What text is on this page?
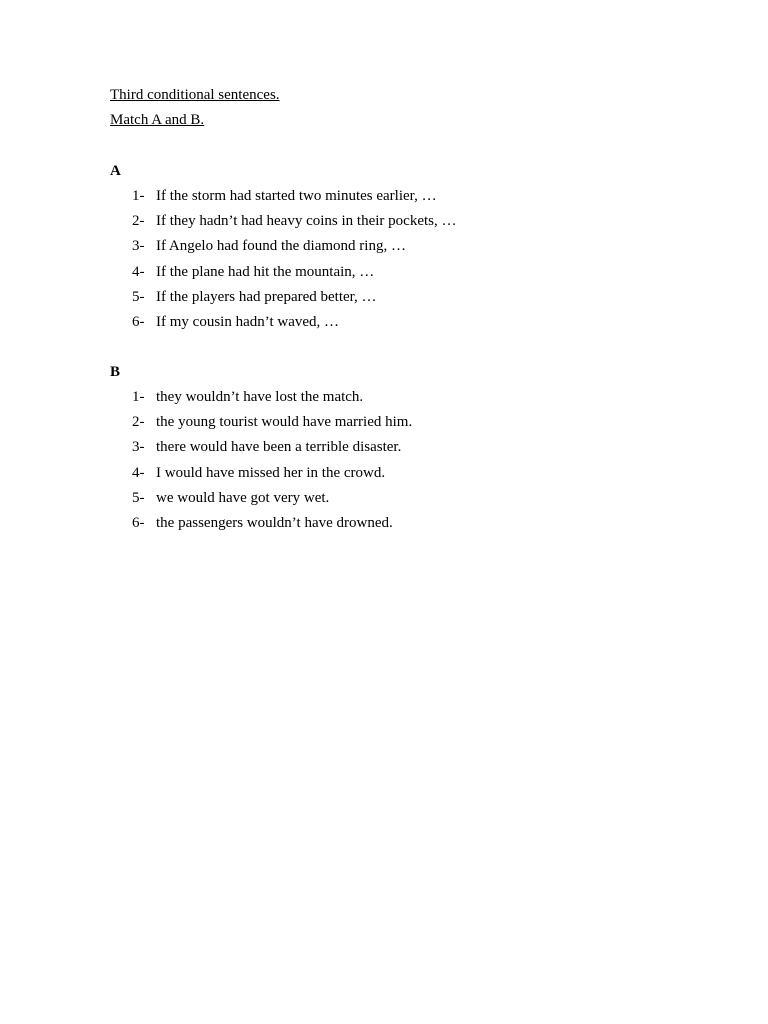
Third conditional sentences.
Match A and B.
A
1- If the storm had started two minutes earlier, …
2- If they hadn’t had heavy coins in their pockets, …
3- If Angelo had found the diamond ring, …
4- If the plane had hit the mountain, …
5- If the players had prepared better, …
6- If my cousin hadn’t waved, …
B
1- they wouldn’t have lost the match.
2- the young tourist would have married him.
3- there would have been a terrible disaster.
4- I would have missed her in the crowd.
5- we would have got very wet.
6- the passengers wouldn’t have drowned.
